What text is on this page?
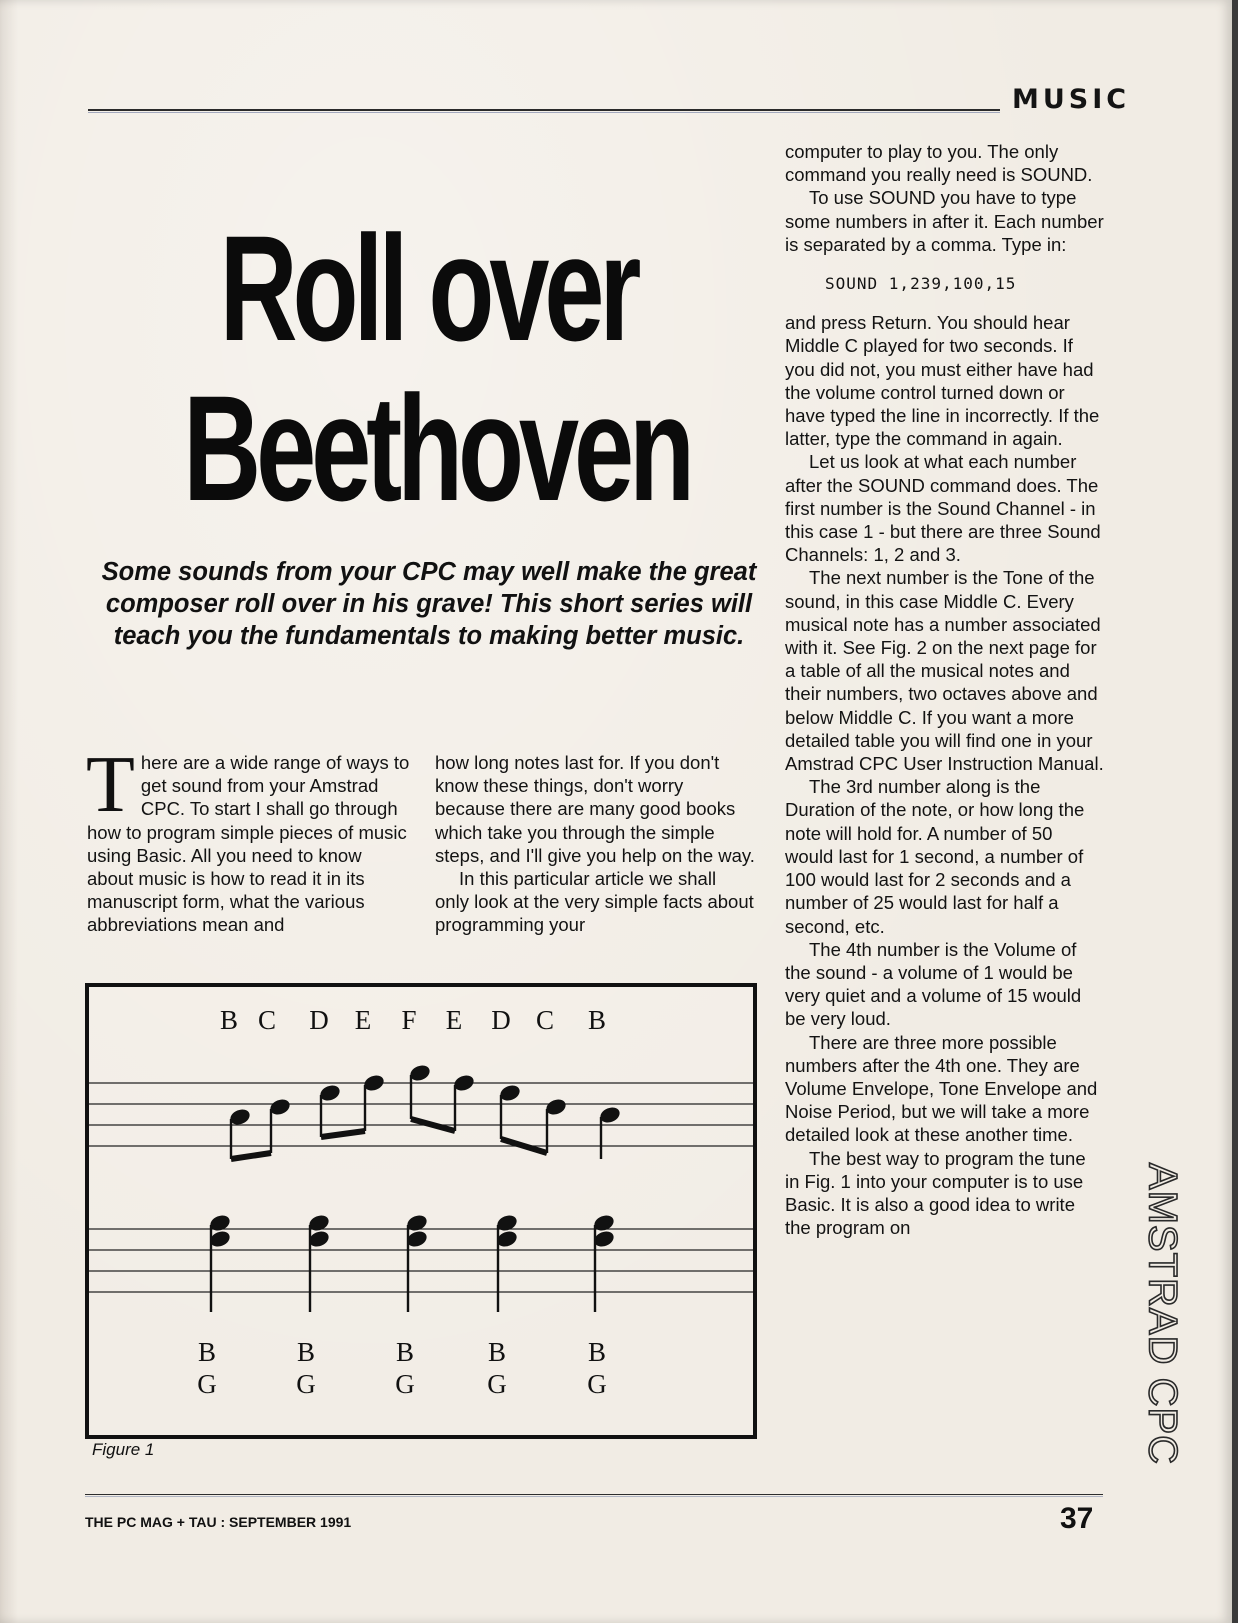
MUSIC
Roll over
Beethoven
Some sounds from your CPC may well make the great composer roll over in his grave! This short series will teach you the fundamentals to making better music.

T here are a wide range of ways to get sound from your Amstrad CPC. To start I shall go through how to program simple pieces of music using Basic. All you need to know about music is how to read it in its manuscript form, what the various abbreviations mean and

how long notes last for. If you don't know these things, don't worry because there are many good books which take you through the simple steps, and I'll give you help on the way.

In this particular article we shall only look at the very simple facts about programming your

computer to play to you. The only command you really need is SOUND.

To use SOUND you have to type some numbers in after it. Each number is separated by a comma. Type in:

SOUND 1,239,100,15

and press Return. You should hear Middle C played for two seconds. If you did not, you must either have had the volume control turned down or have typed the line in incorrectly. If the latter, type the command in again.

Let us look at what each number after the SOUND command does. The first number is the Sound Channel - in this case 1 - but there are three Sound Channels: 1, 2 and 3.

The next number is the Tone of the sound, in this case Middle C. Every musical note has a number associated with it. See Fig. 2 on the next page for a table of all the musical notes and their numbers, two octaves above and below Middle C. If you want a more detailed table you will find one in your Amstrad CPC User Instruction Manual.

The 3rd number along is the Duration of the note, or how long the note will hold for. A number of 50 would last for 1 second, a number of 100 would last for 2 seconds and a number of 25 would last for half a second, etc.

The 4th number is the Volume of the sound - a volume of 1 would be very quiet and a volume of 15 would be very loud.

There are three more possible numbers after the 4th one. They are Volume Envelope, Tone Envelope and Noise Period, but we will take a more detailed look at these another time.

The best way to program the tune in Fig. 1 into your computer is to use Basic. It is also a good idea to write the program on

B C D E F E D C B
B
G
B
G
B
G
B
G
B
G
Figure 1	AMSTRAD CPC
THE PC MAG + TAU : SEPTEMBER 1991	37
